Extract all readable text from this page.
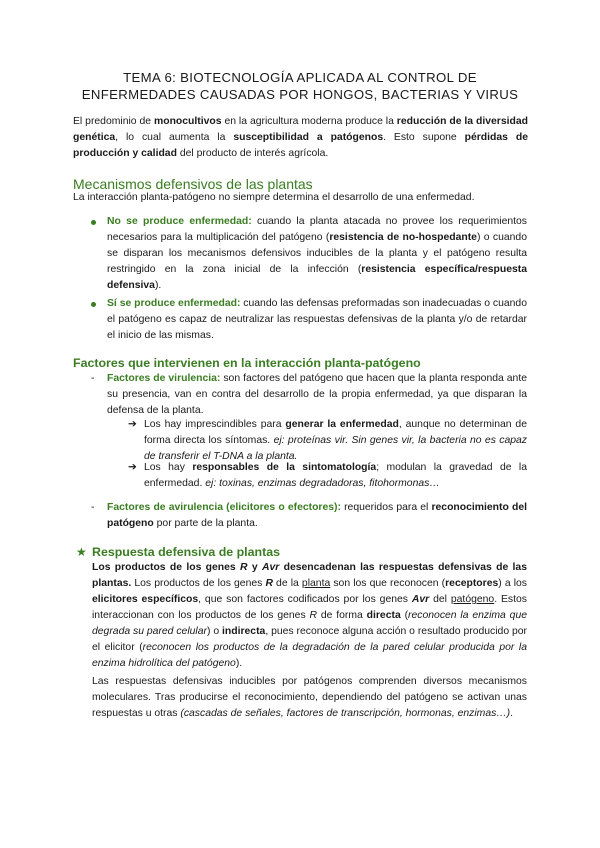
TEMA 6: BIOTECNOLOGÍA APLICADA AL CONTROL DE
ENFERMEDADES CAUSADAS POR HONGOS, BACTERIAS Y VIRUS
El predominio de monocultivos en la agricultura moderna produce la reducción de la diversidad genética, lo cual aumenta la susceptibilidad a patógenos. Esto supone pérdidas de producción y calidad del producto de interés agrícola.
Mecanismos defensivos de las plantas
La interacción planta-patógeno no siempre determina el desarrollo de una enfermedad.
No se produce enfermedad: cuando la planta atacada no provee los requerimientos necesarios para la multiplicación del patógeno (resistencia de no-hospedante) o cuando se disparan los mecanismos defensivos inducibles de la planta y el patógeno resulta restringido en la zona inicial de la infección (resistencia específica/respuesta defensiva).
Sí se produce enfermedad: cuando las defensas preformadas son inadecuadas o cuando el patógeno es capaz de neutralizar las respuestas defensivas de la planta y/o de retardar el inicio de las mismas.
Factores que intervienen en la interacción planta-patógeno
- Factores de virulencia: son factores del patógeno que hacen que la planta responda ante su presencia, van en contra del desarrollo de la propia enfermedad, ya que disparan la defensa de la planta.
➔ Los hay imprescindibles para generar la enfermedad, aunque no determinan de forma directa los síntomas. ej: proteínas vir. Sin genes vir, la bacteria no es capaz de transferir el T-DNA a la planta.
➔ Los hay responsables de la sintomatología; modulan la gravedad de la enfermedad. ej: toxinas, enzimas degradadoras, fitohormonas…
- Factores de avirulencia (elicitores o efectores): requeridos para el reconocimiento del patógeno por parte de la planta.
★ Respuesta defensiva de plantas
Los productos de los genes R y Avr desencadenan las respuestas defensivas de las plantas. Los productos de los genes R de la planta son los que reconocen (receptores) a los elicitores específicos, que son factores codificados por los genes Avr del patógeno. Estos interaccionan con los productos de los genes R de forma directa (reconocen la enzima que degrada su pared celular) o indirecta, pues reconoce alguna acción o resultado producido por el elicitor (reconocen los productos de la degradación de la pared celular producida por la enzima hidrolítica del patógeno).
Las respuestas defensivas inducibles por patógenos comprenden diversos mecanismos moleculares. Tras producirse el reconocimiento, dependiendo del patógeno se activan unas respuestas u otras (cascadas de señales, factores de transcripción, hormonas, enzimas…).
